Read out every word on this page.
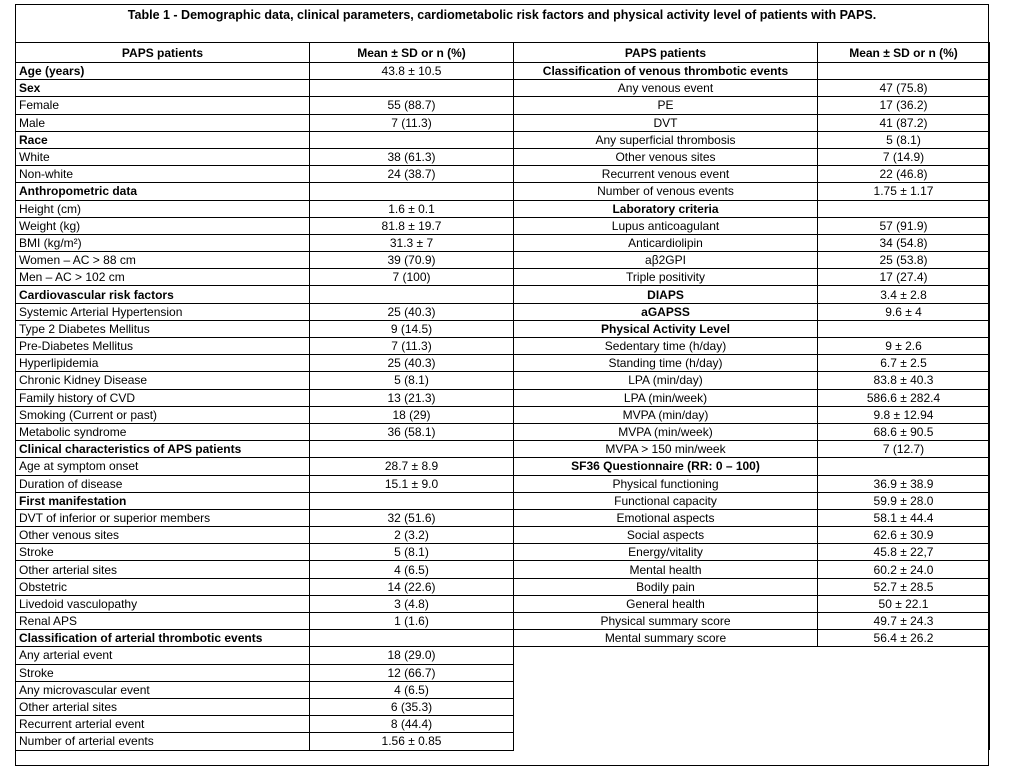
Table 1 - Demographic data, clinical parameters, cardiometabolic risk factors and physical activity level of patients with PAPS.
PAPS patients	Mean ± SD or n (%)	PAPS patients	Mean ± SD or n (%)
Age (years)	43.8 ± 10.5	Classification of venous thrombotic events	
Sex		Any venous event	47 (75.8)
Female	55 (88.7)	PE	17 (36.2)
Male	7 (11.3)	DVT	41 (87.2)
Race		Any superficial thrombosis	5 (8.1)
White	38 (61.3)	Other venous sites	7 (14.9)
Non-white	24 (38.7)	Recurrent venous event	22 (46.8)
Anthropometric data		Number of venous events	1.75 ± 1.17
Height (cm)	1.6 ± 0.1	Laboratory criteria	
Weight (kg)	81.8 ± 19.7	Lupus anticoagulant	57 (91.9)
BMI (kg/m²)	31.3 ± 7	Anticardiolipin	34 (54.8)
Women – AC > 88 cm	39 (70.9)	aβ2GPI	25 (53.8)
Men – AC > 102 cm	7 (100)	Triple positivity	17 (27.4)
Cardiovascular risk factors		DIAPS	3.4 ± 2.8
Systemic Arterial Hypertension	25 (40.3)	aGAPSS	9.6 ± 4
Type 2 Diabetes Mellitus	9 (14.5)	Physical Activity Level	
Pre-Diabetes Mellitus	7 (11.3)	Sedentary time (h/day)	9 ± 2.6
Hyperlipidemia	25 (40.3)	Standing time (h/day)	6.7 ± 2.5
Chronic Kidney Disease	5 (8.1)	LPA (min/day)	83.8 ± 40.3
Family history of CVD	13 (21.3)	LPA (min/week)	586.6 ± 282.4
Smoking (Current or past)	18 (29)	MVPA (min/day)	9.8 ± 12.94
Metabolic syndrome	36 (58.1)	MVPA (min/week)	68.6 ± 90.5
Clinical characteristics of APS patients		MVPA > 150 min/week	7 (12.7)
Age at symptom onset	28.7 ± 8.9	SF36 Questionnaire (RR: 0 – 100)	
Duration of disease	15.1 ± 9.0	Physical functioning	36.9 ± 38.9
First manifestation		Functional capacity	59.9 ± 28.0
DVT of inferior or superior members	32 (51.6)	Emotional aspects	58.1 ± 44.4
Other venous sites	2 (3.2)	Social aspects	62.6 ± 30.9
Stroke	5 (8.1)	Energy/vitality	45.8 ± 22,7
Other arterial sites	4 (6.5)	Mental health	60.2 ± 24.0
Obstetric	14 (22.6)	Bodily pain	52.7 ± 28.5
Livedoid vasculopathy	3 (4.8)	General health	50 ± 22.1
Renal APS	1 (1.6)	Physical summary score	49.7 ± 24.3
Classification of arterial thrombotic events		Mental summary score	56.4 ± 26.2
Any arterial event	18 (29.0)		
Stroke	12 (66.7)		
Any microvascular event	4 (6.5)		
Other arterial sites	6 (35.3)		
Recurrent arterial event	8 (44.4)		
Number of arterial events	1.56 ± 0.85		
